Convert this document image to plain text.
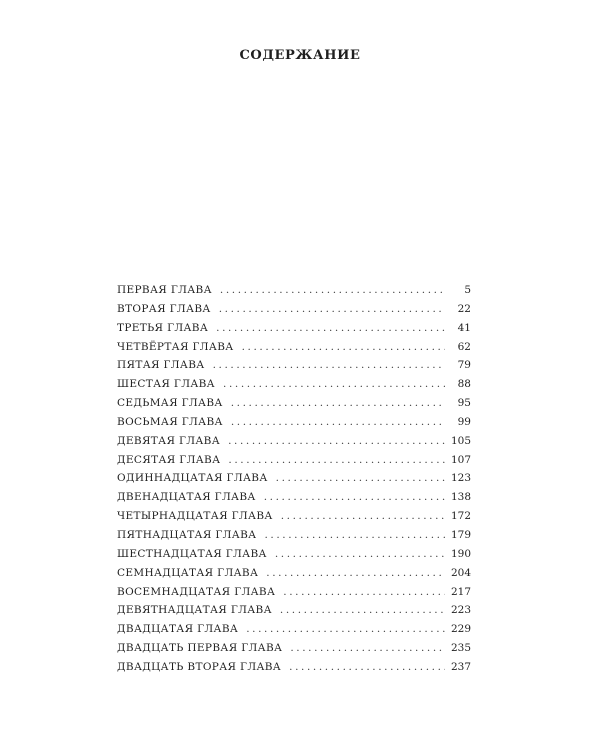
СОДЕРЖАНИЕ
ПЕРВАЯ ГЛАВА .....	5
ВТОРАЯ ГЛАВА .....	22
ТРЕТЬЯ ГЛАВА .....	41
ЧЕТВЁРТАЯ ГЛАВА .....	62
ПЯТАЯ ГЛАВА .....	79
ШЕСТАЯ ГЛАВА .....	88
СЕДЬМАЯ ГЛАВА .....	95
ВОСЬМАЯ ГЛАВА .....	99
ДЕВЯТАЯ ГЛАВА .....	105
ДЕСЯТАЯ ГЛАВА .....	107
ОДИННАДЦАТАЯ ГЛАВА .....	123
ДВЕНАДЦАТАЯ ГЛАВА .....	138
ЧЕТЫРНАДЦАТАЯ ГЛАВА .....	172
ПЯТНАДЦАТАЯ ГЛАВА .....	179
ШЕСТНАДЦАТАЯ ГЛАВА .....	190
СЕМНАДЦАТАЯ ГЛАВА .....	204
ВОСЕМНАДЦАТАЯ ГЛАВА .....	217
ДЕВЯТНАДЦАТАЯ ГЛАВА .....	223
ДВАДЦАТАЯ ГЛАВА .....	229
ДВАДЦАТЬ ПЕРВАЯ ГЛАВА .....	235
ДВАДЦАТЬ ВТОРАЯ ГЛАВА .....	237
